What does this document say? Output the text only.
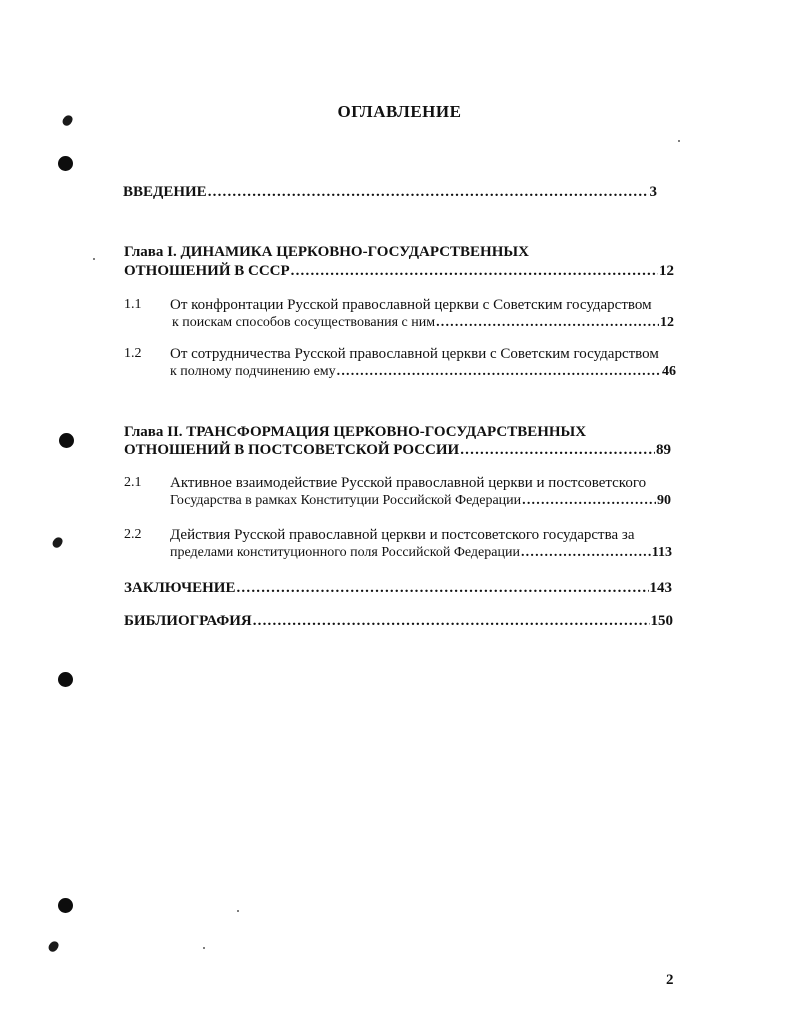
ОГЛАВЛЕНИЕ
ВВЕДЕНИЕ .....	3
Глава I. ДИНАМИКА ЦЕРКОВНО-ГОСУДАРСТВЕННЫХ
ОТНОШЕНИЙ В СССР .....	12
1.1 От конфронтации Русской православной церкви с Советским государством
к поискам способов сосуществования с ним .....	12
1.2 От сотрудничества Русской православной церкви с Советским государством
к полному подчинению ему .....	46
Глава II. ТРАНСФОРМАЦИЯ ЦЕРКОВНО-ГОСУДАРСТВЕННЫХ
ОТНОШЕНИЙ В ПОСТСОВЕТСКОЙ РОССИИ .....	89
2.1 Активное взаимодействие Русской православной церкви и постсоветского
Государства в рамках Конституции Российской Федерации .....	90
2.2 Действия Русской православной церкви и постсоветского государства за
пределами конституционного поля Российской Федерации .....	113
ЗАКЛЮЧЕНИЕ .....	143
БИБЛИОГРАФИЯ .....	150
2
